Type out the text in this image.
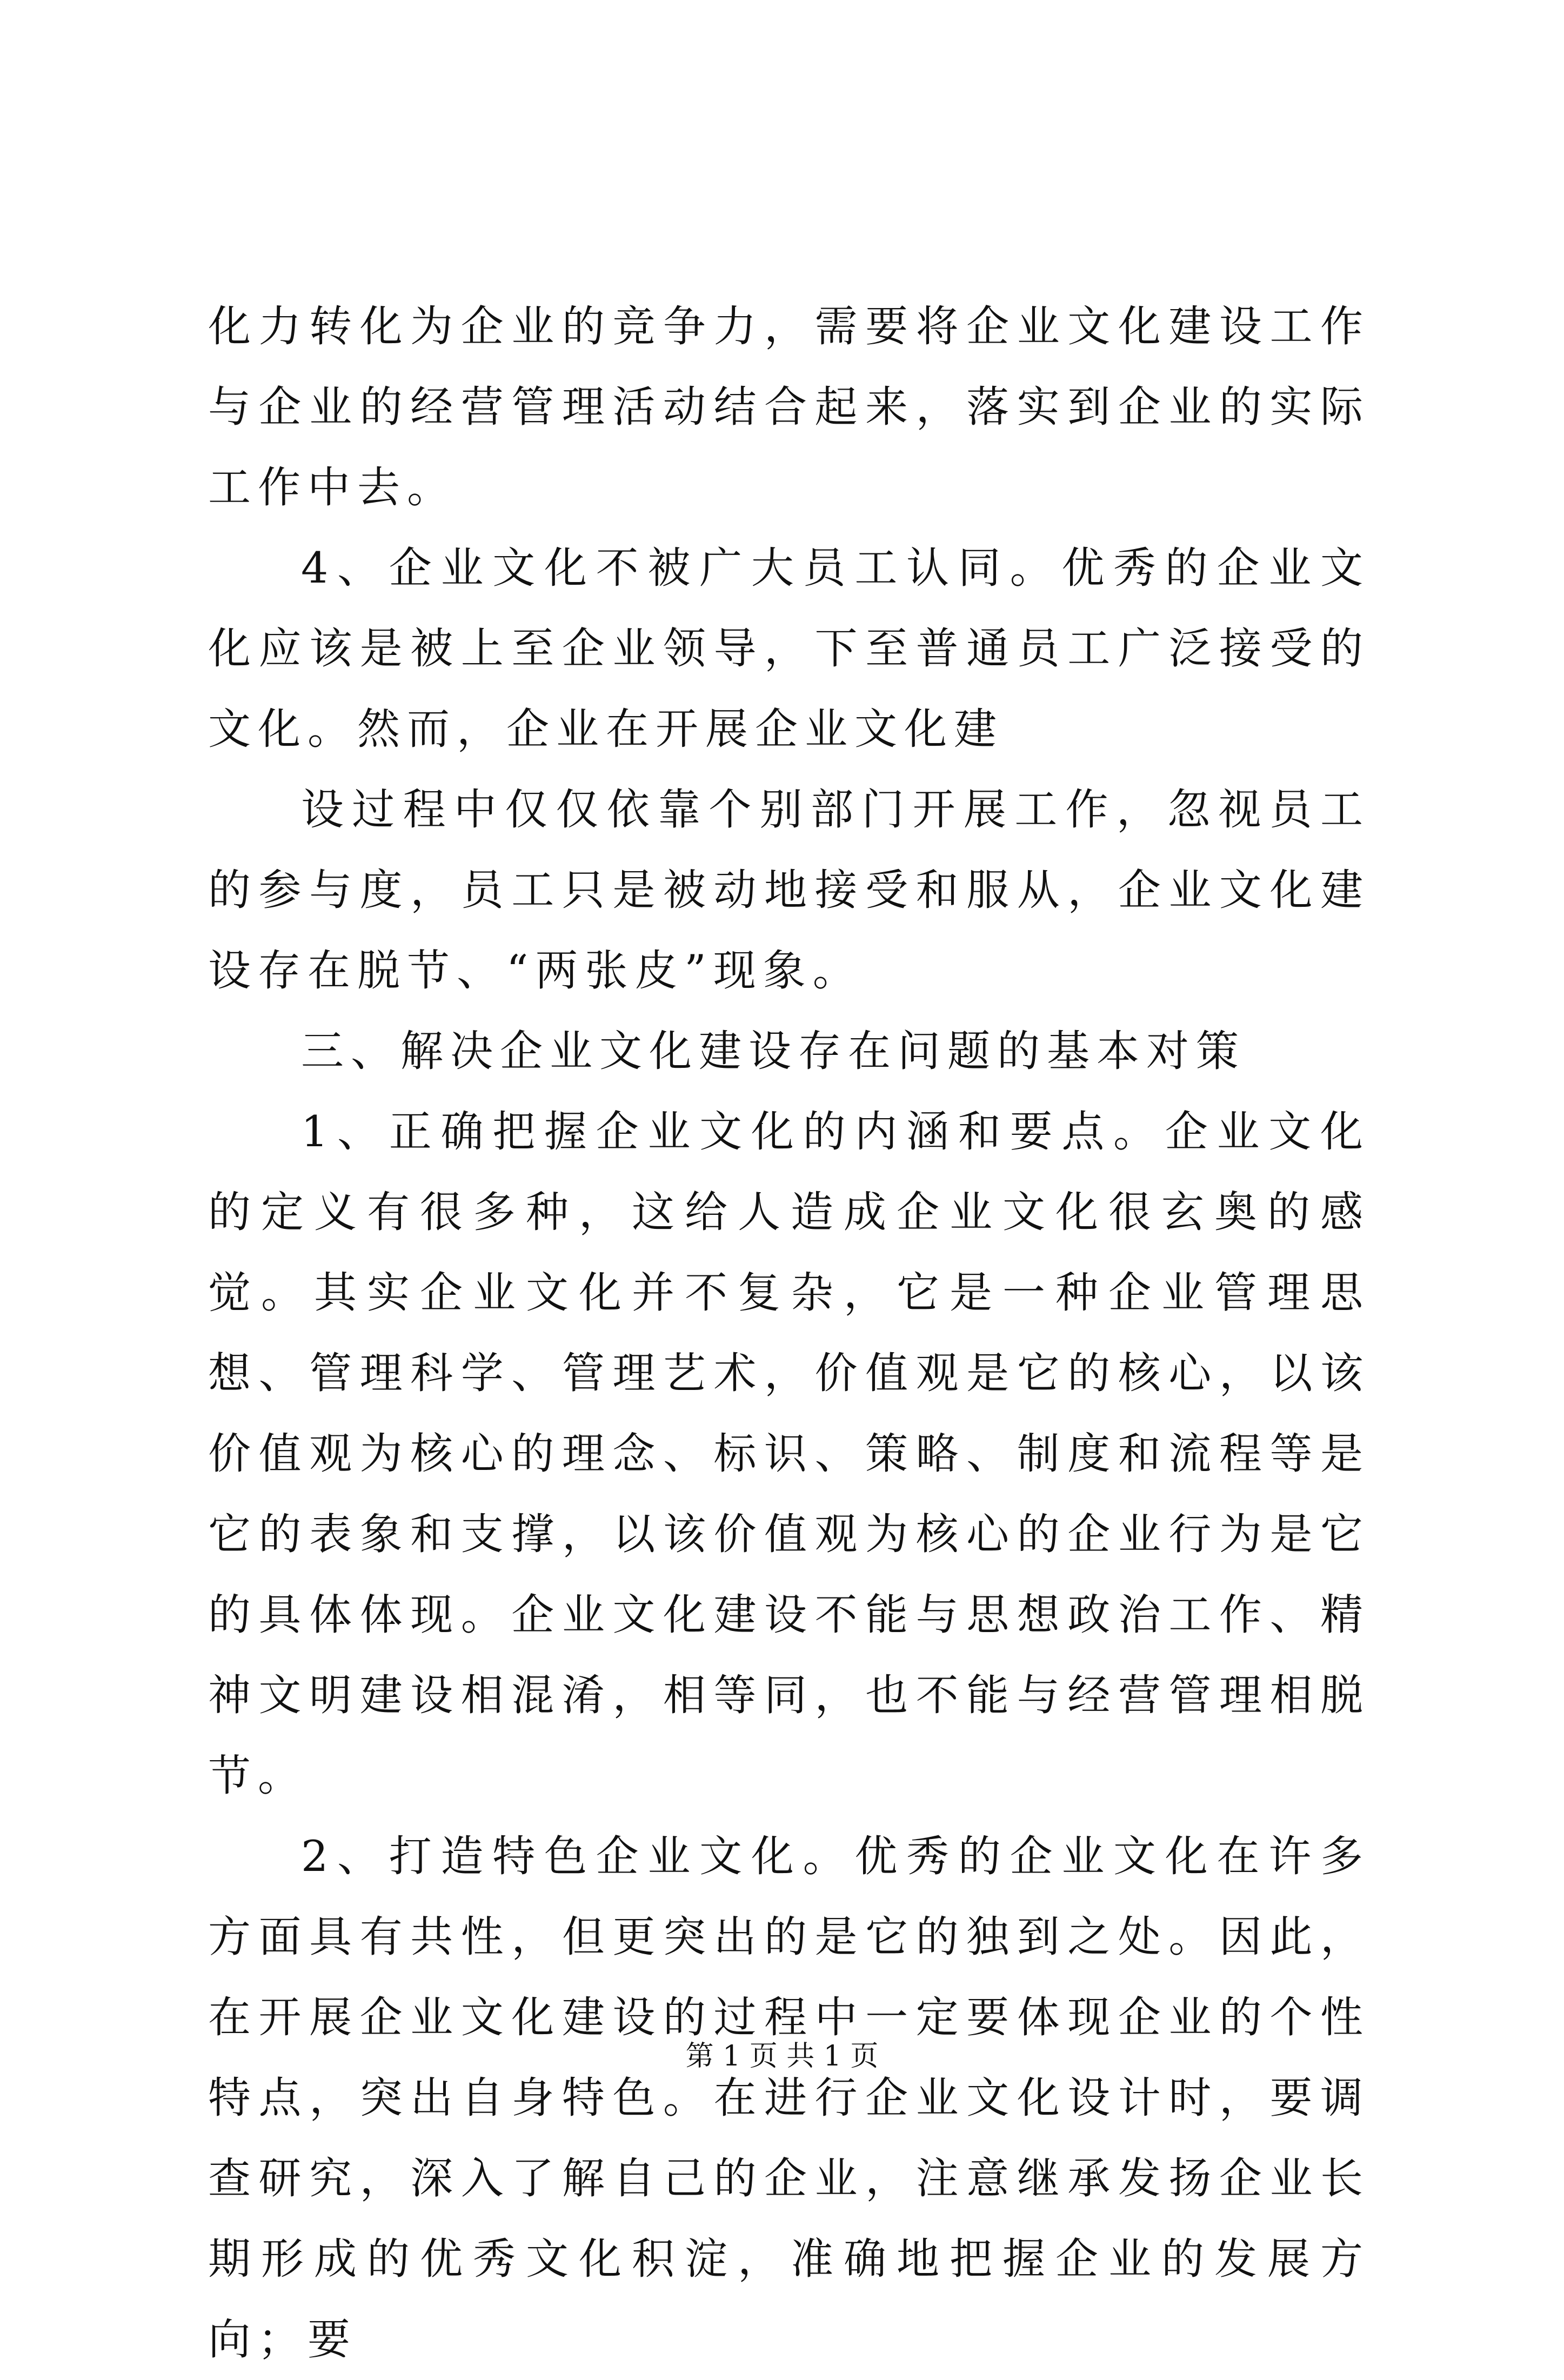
化力转化为企业的竞争力，需要将企业文化建设工作与企业的经营管理活动结合起来，落实到企业的实际工作中去。

4、企业文化不被广大员工认同。优秀的企业文化应该是被上至企业领导，下至普通员工广泛接受的文化。然而，企业在开展企业文化建

设过程中仅仅依靠个别部门开展工作，忽视员工的参与度，员工只是被动地接受和服从，企业文化建设存在脱节、“两张皮”现象。

三、解决企业文化建设存在问题的基本对策

1、正确把握企业文化的内涵和要点。企业文化的定义有很多种，这给人造成企业文化很玄奥的感觉。其实企业文化并不复杂，它是一种企业管理思想、管理科学、管理艺术，价值观是它的核心，以该价值观为核心的理念、标识、策略、制度和流程等是它的表象和支撑，以该价值观为核心的企业行为是它的具体体现。企业文化建设不能与思想政治工作、精神文明建设相混淆，相等同，也不能与经营管理相脱节。

2、打造特色企业文化。优秀的企业文化在许多方面具有共性，但更突出的是它的独到之处。因此，在开展企业文化建设的过程中一定要体现企业的个性特点，突出自身特色。在进行企业文化设计时，要调查研究，深入了解自己的企业，注意继承发扬企业长期形成的优秀文化积淀，准确地把握企业的发展方向；要

第 1 页 共 1 页
